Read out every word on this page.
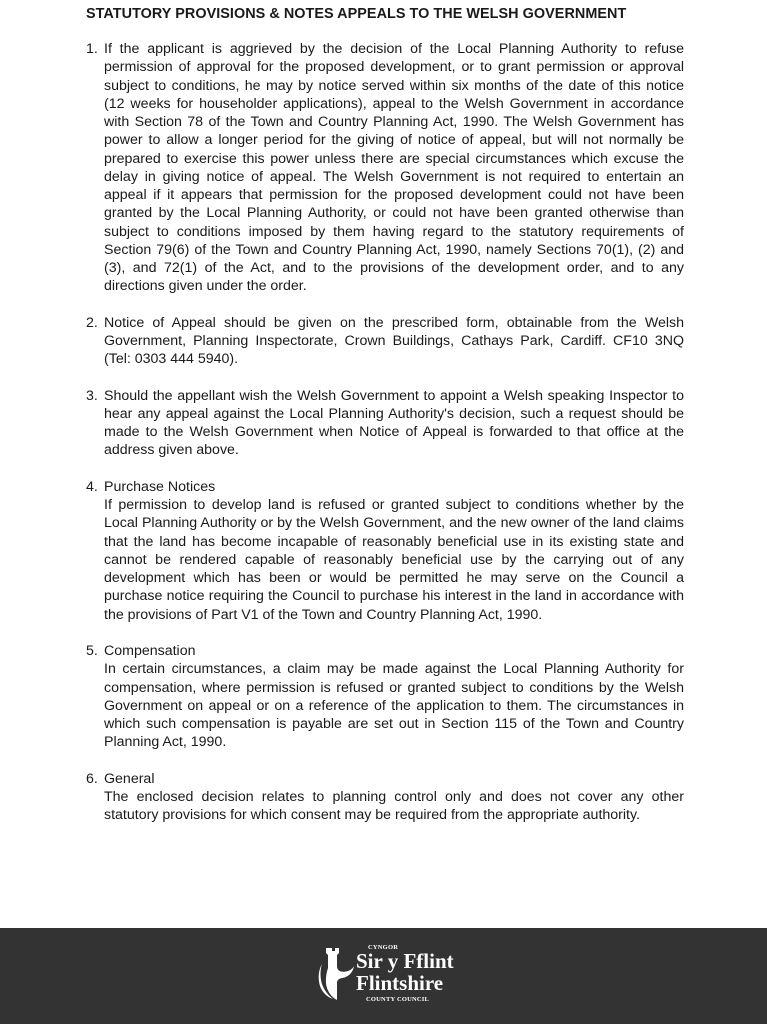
STATUTORY PROVISIONS & NOTES APPEALS TO THE WELSH GOVERNMENT
1. If the applicant is aggrieved by the decision of the Local Planning Authority to refuse permission of approval for the proposed development, or to grant permission or approval subject to conditions, he may by notice served within six months of the date of this notice (12 weeks for householder applications), appeal to the Welsh Government in accordance with Section 78 of the Town and Country Planning Act, 1990. The Welsh Government has power to allow a longer period for the giving of notice of appeal, but will not normally be prepared to exercise this power unless there are special circumstances which excuse the delay in giving notice of appeal. The Welsh Government is not required to entertain an appeal if it appears that permission for the proposed development could not have been granted by the Local Planning Authority, or could not have been granted otherwise than subject to conditions imposed by them having regard to the statutory requirements of Section 79(6) of the Town and Country Planning Act, 1990, namely Sections 70(1), (2) and (3), and 72(1) of the Act, and to the provisions of the development order, and to any directions given under the order.

2. Notice of Appeal should be given on the prescribed form, obtainable from the Welsh Government, Planning Inspectorate, Crown Buildings, Cathays Park, Cardiff. CF10 3NQ (Tel: 0303 444 5940).

3. Should the appellant wish the Welsh Government to appoint a Welsh speaking Inspector to hear any appeal against the Local Planning Authority's decision, such a request should be made to the Welsh Government when Notice of Appeal is forwarded to that office at the address given above.

4. Purchase Notices

If permission to develop land is refused or granted subject to conditions whether by the Local Planning Authority or by the Welsh Government, and the new owner of the land claims that the land has become incapable of reasonably beneficial use in its existing state and cannot be rendered capable of reasonably beneficial use by the carrying out of any development which has been or would be permitted he may serve on the Council a purchase notice requiring the Council to purchase his interest in the land in accordance with the provisions of Part V1 of the Town and Country Planning Act, 1990.

5. Compensation

In certain circumstances, a claim may be made against the Local Planning Authority for compensation, where permission is refused or granted subject to conditions by the Welsh Government on appeal or on a reference of the application to them. The circumstances in which such compensation is payable are set out in Section 115 of the Town and Country Planning Act, 1990.

6. General

The enclosed decision relates to planning control only and does not cover any other statutory provisions for which consent may be required from the appropriate authority.

CYNGOR
Sir y Fflint
Flintshire
COUNTY COUNCIL
